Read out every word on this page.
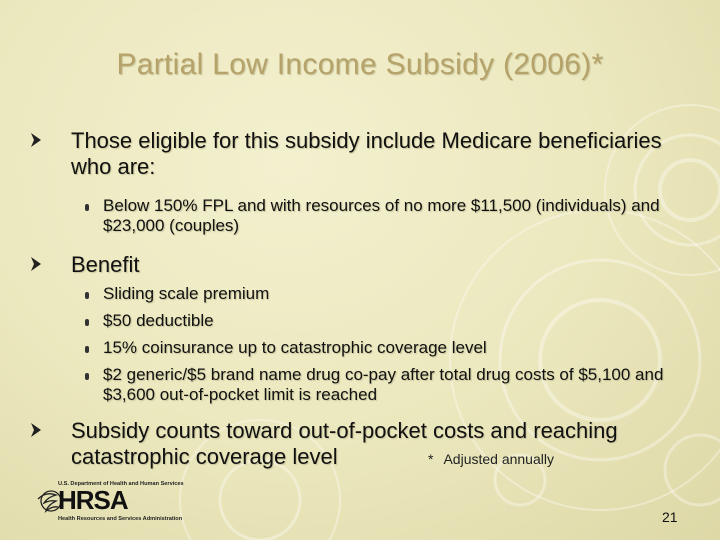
Partial Low Income Subsidy (2006)*
Those eligible for this subsidy include Medicare beneficiaries who are:
Below 150% FPL and with resources of no more $11,500 (individuals) and $23,000 (couples)
Benefit
Sliding scale premium
$50 deductible
15% coinsurance up to catastrophic coverage level
$2 generic/$5 brand name drug co-pay after total drug costs of $5,100 and $3,600 out-of-pocket limit is reached
Subsidy counts toward out-of-pocket costs and reaching catastrophic coverage level	* Adjusted annually
U.S. Department of Health and Human Services
HRSA
Health Resources and Services Administration	21
